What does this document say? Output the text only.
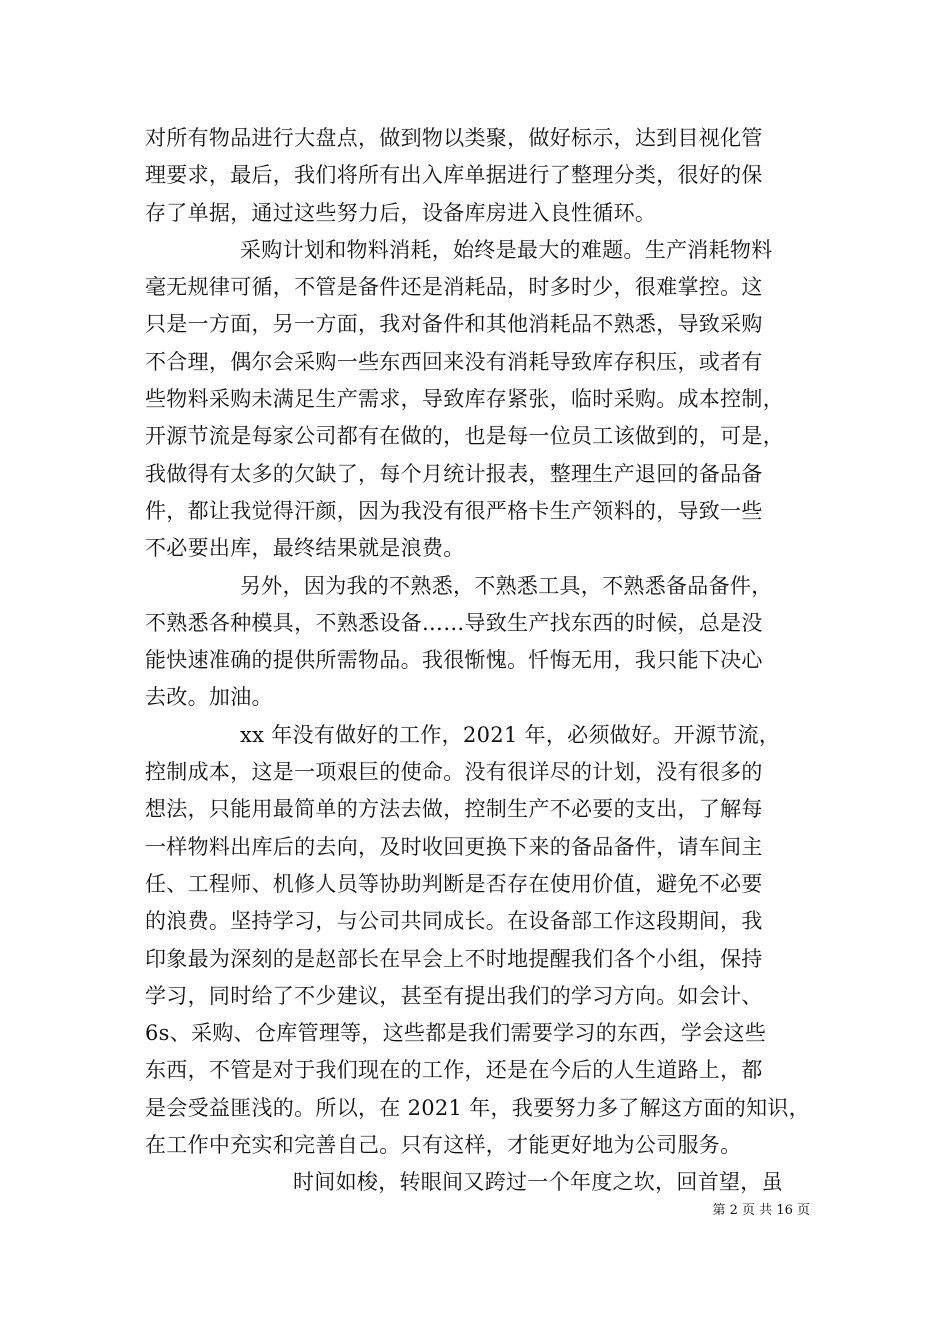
对所有物品进行大盘点，做到物以类聚，做好标示，达到目视化管
理要求，最后，我们将所有出入库单据进行了整理分类，很好的保
存了单据，通过这些努力后，设备库房进入良性循环。
采购计划和物料消耗，始终是最大的难题。生产消耗物料
毫无规律可循，不管是备件还是消耗品，时多时少，很难掌控。这
只是一方面，另一方面，我对备件和其他消耗品不熟悉，导致采购
不合理，偶尔会采购一些东西回来没有消耗导致库存积压，或者有
些物料采购未满足生产需求，导致库存紧张，临时采购。成本控制，
开源节流是每家公司都有在做的，也是每一位员工该做到的，可是，
我做得有太多的欠缺了，每个月统计报表，整理生产退回的备品备
件，都让我觉得汗颜，因为我没有很严格卡生产领料的，导致一些
不必要出库，最终结果就是浪费。
另外，因为我的不熟悉，不熟悉工具，不熟悉备品备件，
不熟悉各种模具，不熟悉设备……导致生产找东西的时候，总是没
能快速准确的提供所需物品。我很惭愧。忏悔无用，我只能下决心
去改。加油。
xx 年没有做好的工作，2021 年，必须做好。开源节流，
控制成本，这是一项艰巨的使命。没有很详尽的计划，没有很多的
想法，只能用最简单的方法去做，控制生产不必要的支出，了解每
一样物料出库后的去向，及时收回更换下来的备品备件，请车间主
任、工程师、机修人员等协助判断是否存在使用价值，避免不必要
的浪费。坚持学习，与公司共同成长。在设备部工作这段期间，我
印象最为深刻的是赵部长在早会上不时地提醒我们各个小组，保持
学习，同时给了不少建议，甚至有提出我们的学习方向。如会计、
6s、采购、仓库管理等，这些都是我们需要学习的东西，学会这些
东西，不管是对于我们现在的工作，还是在今后的人生道路上，都
是会受益匪浅的。所以，在 2021 年，我要努力多了解这方面的知识，
在工作中充实和完善自己。只有这样，才能更好地为公司服务。
时间如梭，转眼间又跨过一个年度之坎，回首望，虽
第 2 页 共 16 页
